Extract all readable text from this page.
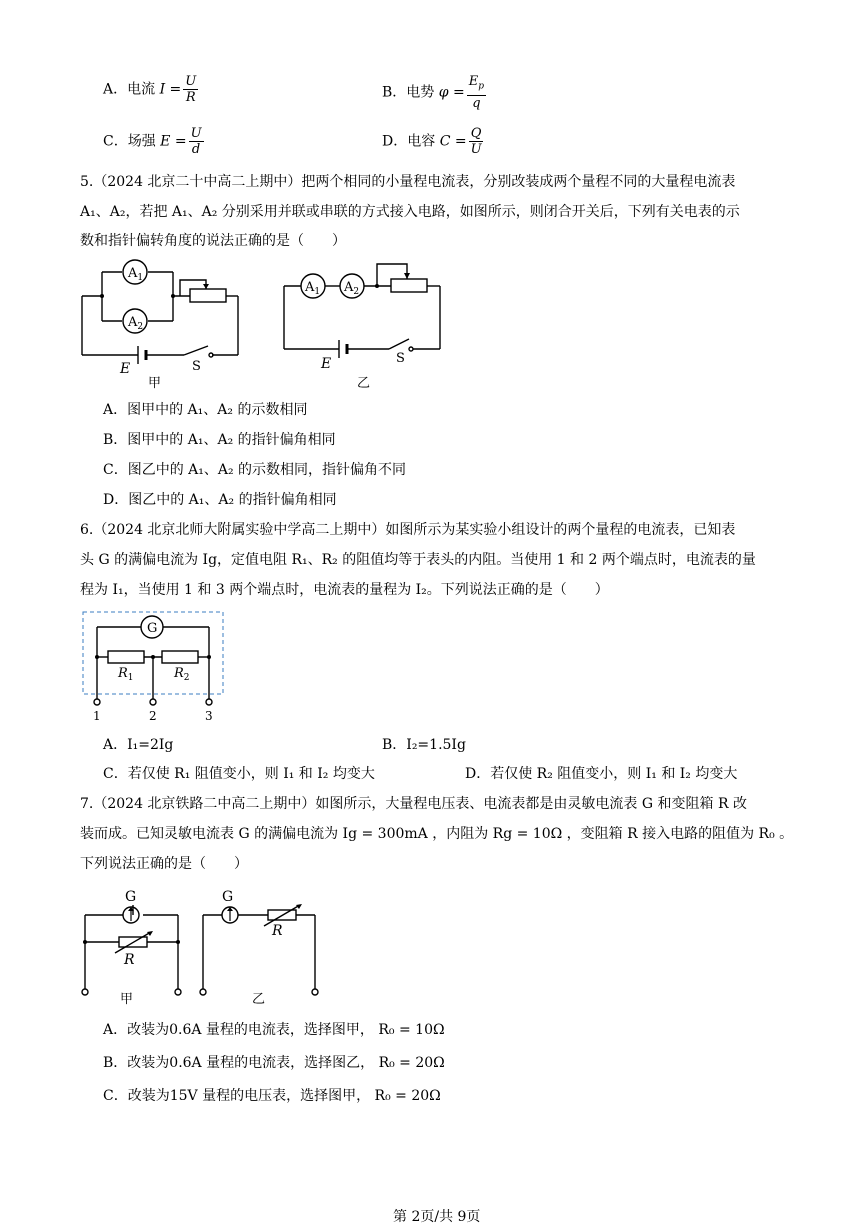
A．电流 $I = \frac{U}{R}$	B．电势 $\varphi = \frac{E_p}{q}$
C．场强 $E = \frac{U}{d}$	D．电容 $C = \frac{Q}{U}$
5.（2024 北京二十中高二上期中）把两个相同的小量程电流表，分别改装成两个量程不同的大量程电流表
A₁、A₂，若把 A₁、A₂ 分别采用并联或串联的方式接入电路，如图所示，则闭合开关后，下列有关电表的示
数和指针偏转角度的说法正确的是（　　）
$A_1$
$A_2$
E	S
甲
$A_1$ $A_2$
E	S
乙
A．图甲中的 A₁、A₂ 的示数相同
B．图甲中的 A₁、A₂ 的指针偏角相同
C．图乙中的 A₁、A₂ 的示数相同，指针偏角不同
D．图乙中的 A₁、A₂ 的指针偏角相同
6.（2024 北京北师大附属实验中学高二上期中）如图所示为某实验小组设计的两个量程的电流表，已知表
头 G 的满偏电流为 Ig，定值电阻 R₁、R₂ 的阻值均等于表头的内阻。当使用 1 和 2 两个端点时，电流表的量
程为 I₁，当使用 1 和 3 两个端点时，电流表的量程为 I₂。下列说法正确的是（　　）
G
$R_1$	$R_2$
1	2	3
A．I₁=2Ig	B．I₂=1.5Ig
C．若仅使 R₁ 阻值变小，则 I₁ 和 I₂ 均变大	D．若仅使 R₂ 阻值变小，则 I₁ 和 I₂ 均变大
7.（2024 北京铁路二中高二上期中）如图所示，大量程电压表、电流表都是由灵敏电流表 G 和变阻箱 R 改
装而成。已知灵敏电流表 G 的满偏电流为 Ig = 300mA ，内阻为 Rg = 10Ω ，变阻箱 R 接入电路的阻值为 R₀ 。
下列说法正确的是（　　）
G
R
甲
G
R
乙
A．改装为0.6A 量程的电流表，选择图甲， R₀ = 10Ω
B．改装为0.6A 量程的电流表，选择图乙， R₀ = 20Ω
C．改装为15V 量程的电压表，选择图甲， R₀ = 20Ω
第 2页/共 9页
